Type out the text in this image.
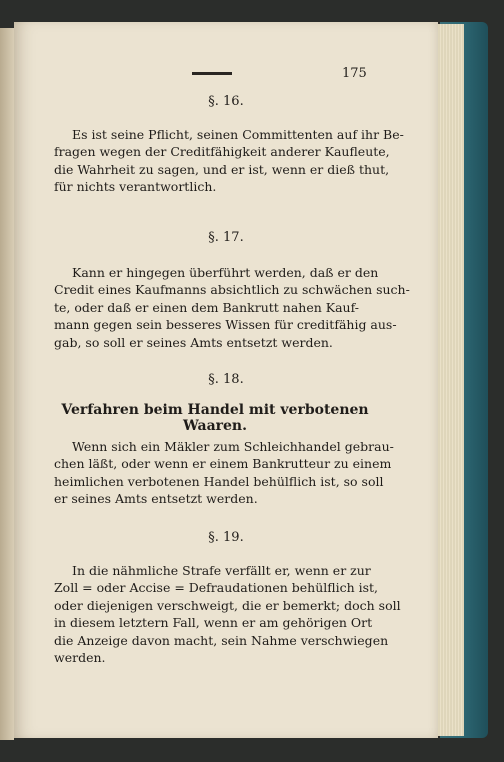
175
§. 16.
Es ist seine Pflicht, seinen Committenten auf ihr Be-
fragen wegen der Creditfähigkeit anderer Kaufleute,
die Wahrheit zu sagen, und er ist, wenn er dieß thut,
für nichts verantwortlich.
§. 17.
Kann er hingegen überführt werden, daß er den
Credit eines Kaufmanns absichtlich zu schwächen such-
te, oder daß er einen dem Bankrutt nahen Kauf-
mann gegen sein besseres Wissen für creditfähig aus-
gab, so soll er seines Amts entsetzt werden.
§. 18.
Verfahren beim Handel mit verbotenen Waaren.
Wenn sich ein Mäkler zum Schleichhandel gebrau-
chen läßt, oder wenn er einem Bankrutteur zu einem
heimlichen verbotenen Handel behülflich ist, so soll
er seines Amts entsetzt werden.
§. 19.
In die nähmliche Strafe verfällt er, wenn er zur
Zoll = oder Accise = Defraudationen behülflich ist,
oder diejenigen verschweigt, die er bemerkt; doch soll
in diesem letztern Fall, wenn er am gehörigen Ort
die Anzeige davon macht, sein Nahme verschwiegen
werden.
